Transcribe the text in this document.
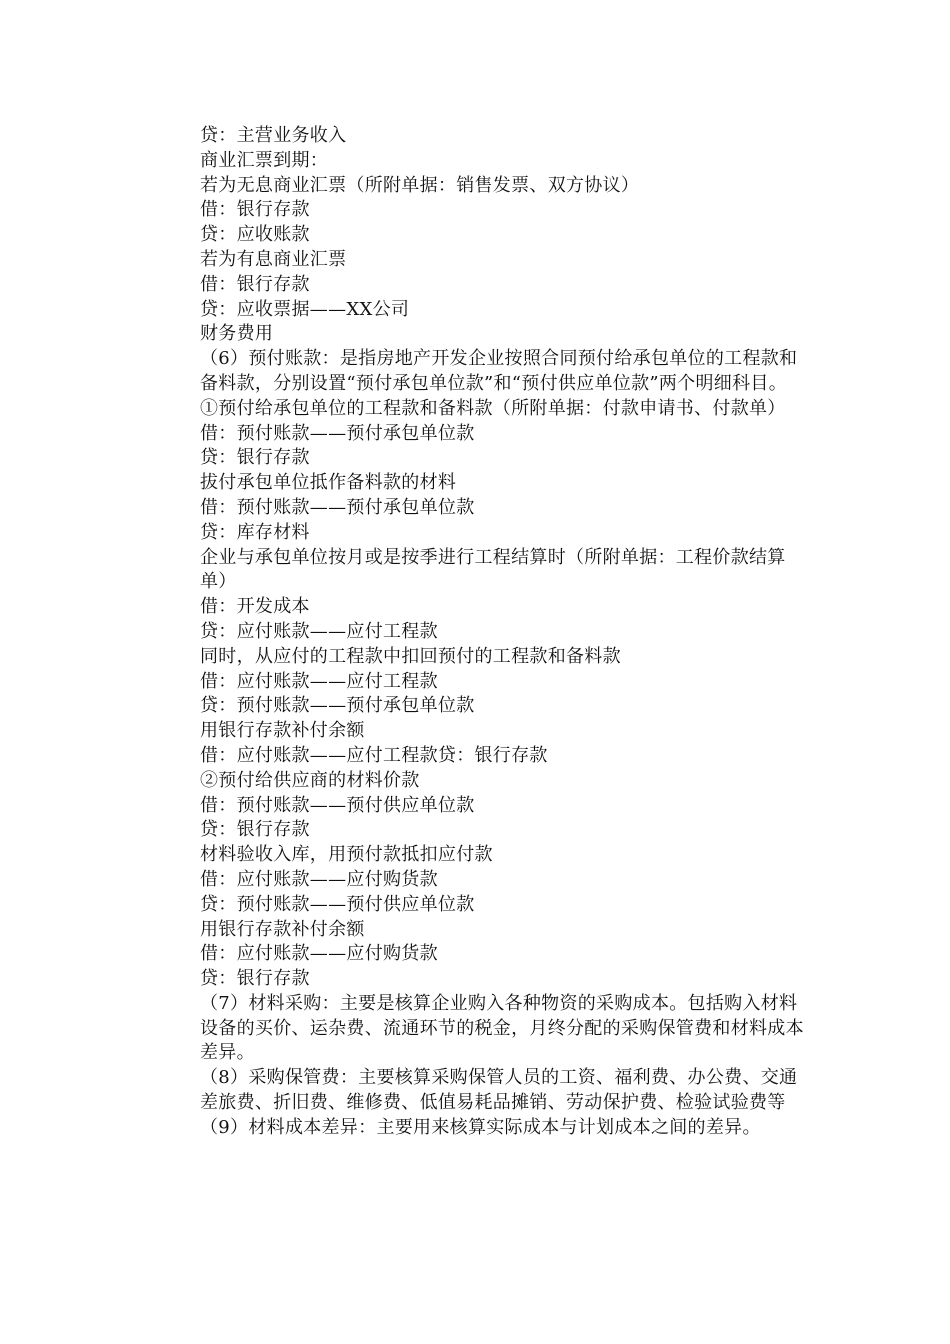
贷：主营业务收入

商业汇票到期：

若为无息商业汇票（所附单据：销售发票、双方协议）

借：银行存款

贷：应收账款

若为有息商业汇票

借：银行存款

贷：应收票据——XX公司

财务费用

（6）预付账款：是指房地产开发企业按照合同预付给承包单位的工程款和备料款，分别设置“预付承包单位款”和“预付供应单位款”两个明细科目。

①预付给承包单位的工程款和备料款（所附单据：付款申请书、付款单）

借：预付账款——预付承包单位款

贷：银行存款

拔付承包单位抵作备料款的材料

借：预付账款——预付承包单位款

贷：库存材料

企业与承包单位按月或是按季进行工程结算时（所附单据：工程价款结算单）

借：开发成本

贷：应付账款——应付工程款

同时，从应付的工程款中扣回预付的工程款和备料款

借：应付账款——应付工程款

贷：预付账款——预付承包单位款

用银行存款补付余额

借：应付账款——应付工程款贷：银行存款

②预付给供应商的材料价款

借：预付账款——预付供应单位款

贷：银行存款

材料验收入库，用预付款抵扣应付款

借：应付账款——应付购货款

贷：预付账款——预付供应单位款

用银行存款补付余额

借：应付账款——应付购货款

贷：银行存款

（7）材料采购：主要是核算企业购入各种物资的采购成本。包括购入材料设备的买价、运杂费、流通环节的税金，月终分配的采购保管费和材料成本差异。

（8）采购保管费：主要核算采购保管人员的工资、福利费、办公费、交通差旅费、折旧费、维修费、低值易耗品摊销、劳动保护费、检验试验费等

（9）材料成本差异：主要用来核算实际成本与计划成本之间的差异。
